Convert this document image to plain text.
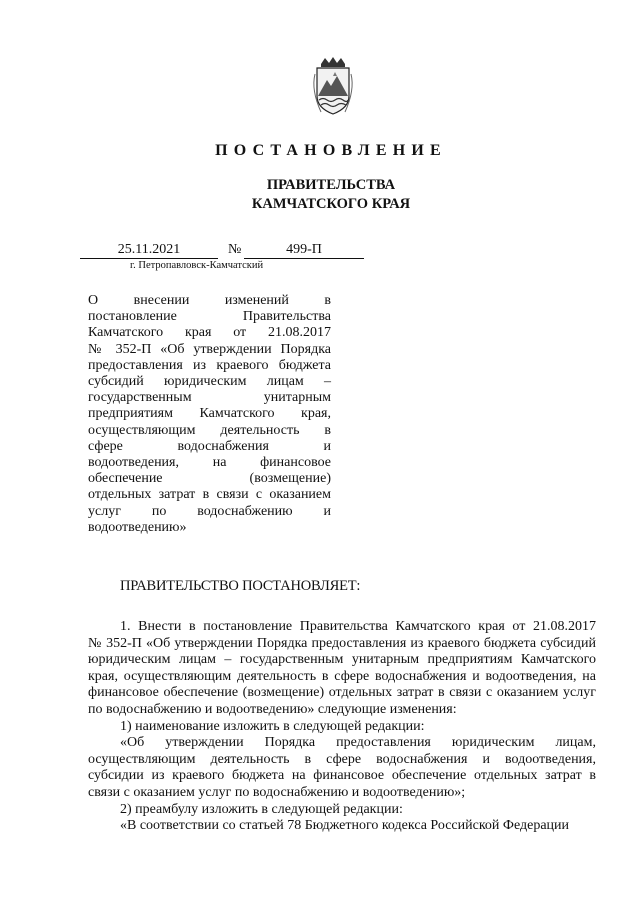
ПОСТАНОВЛЕНИЕ
ПРАВИТЕЛЬСТВА
КАМЧАТСКОГО КРАЯ
25.11.2021	№	499-П
г. Петропавловск-Камчатский
О внесении изменений в
постановление Правительства
Камчатского края от 21.08.2017
№ 352-П «Об утверждении Порядка
предоставления из краевого бюджета
субсидий юридическим лицам –
государственным унитарным
предприятиям Камчатского края,
осуществляющим деятельность в
сфере водоснабжения и
водоотведения, на финансовое
обеспечение (возмещение)
отдельных затрат в связи с оказанием
услуг по водоснабжению и
водоотведению»
ПРАВИТЕЛЬСТВО ПОСТАНОВЛЯЕТ:
1. Внести в постановление Правительства Камчатского края от 21.08.2017
№ 352-П «Об утверждении Порядка предоставления из краевого бюджета субсидий
юридическим лицам – государственным унитарным предприятиям Камчатского
края, осуществляющим деятельность в сфере водоснабжения и водоотведения, на
финансовое обеспечение (возмещение) отдельных затрат в связи с оказанием услуг
по водоснабжению и водоотведению» следующие изменения:
1) наименование изложить в следующей редакции:
«Об утверждении Порядка предоставления юридическим лицам,
осуществляющим деятельность в сфере водоснабжения и водоотведения,
субсидии из краевого бюджета на финансовое обеспечение отдельных затрат в
связи с оказанием услуг по водоснабжению и водоотведению»;
2) преамбулу изложить в следующей редакции:
«В соответствии со статьей 78 Бюджетного кодекса Российской Федерации
